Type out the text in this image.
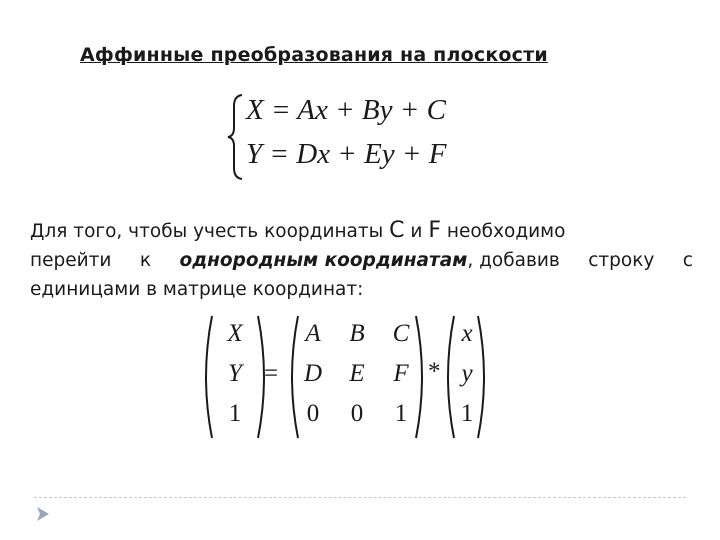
Аффинные преобразования на плоскости
X = Ax + By + C
Y = Dx + Ey + F
Для того, чтобы учесть координаты C и F необходимо
перейти к однородным координатам, добавив строку с
единицами в матрице координат:
X
Y
1
=
A B C
D E F
0	0	1
*
x
y
1
